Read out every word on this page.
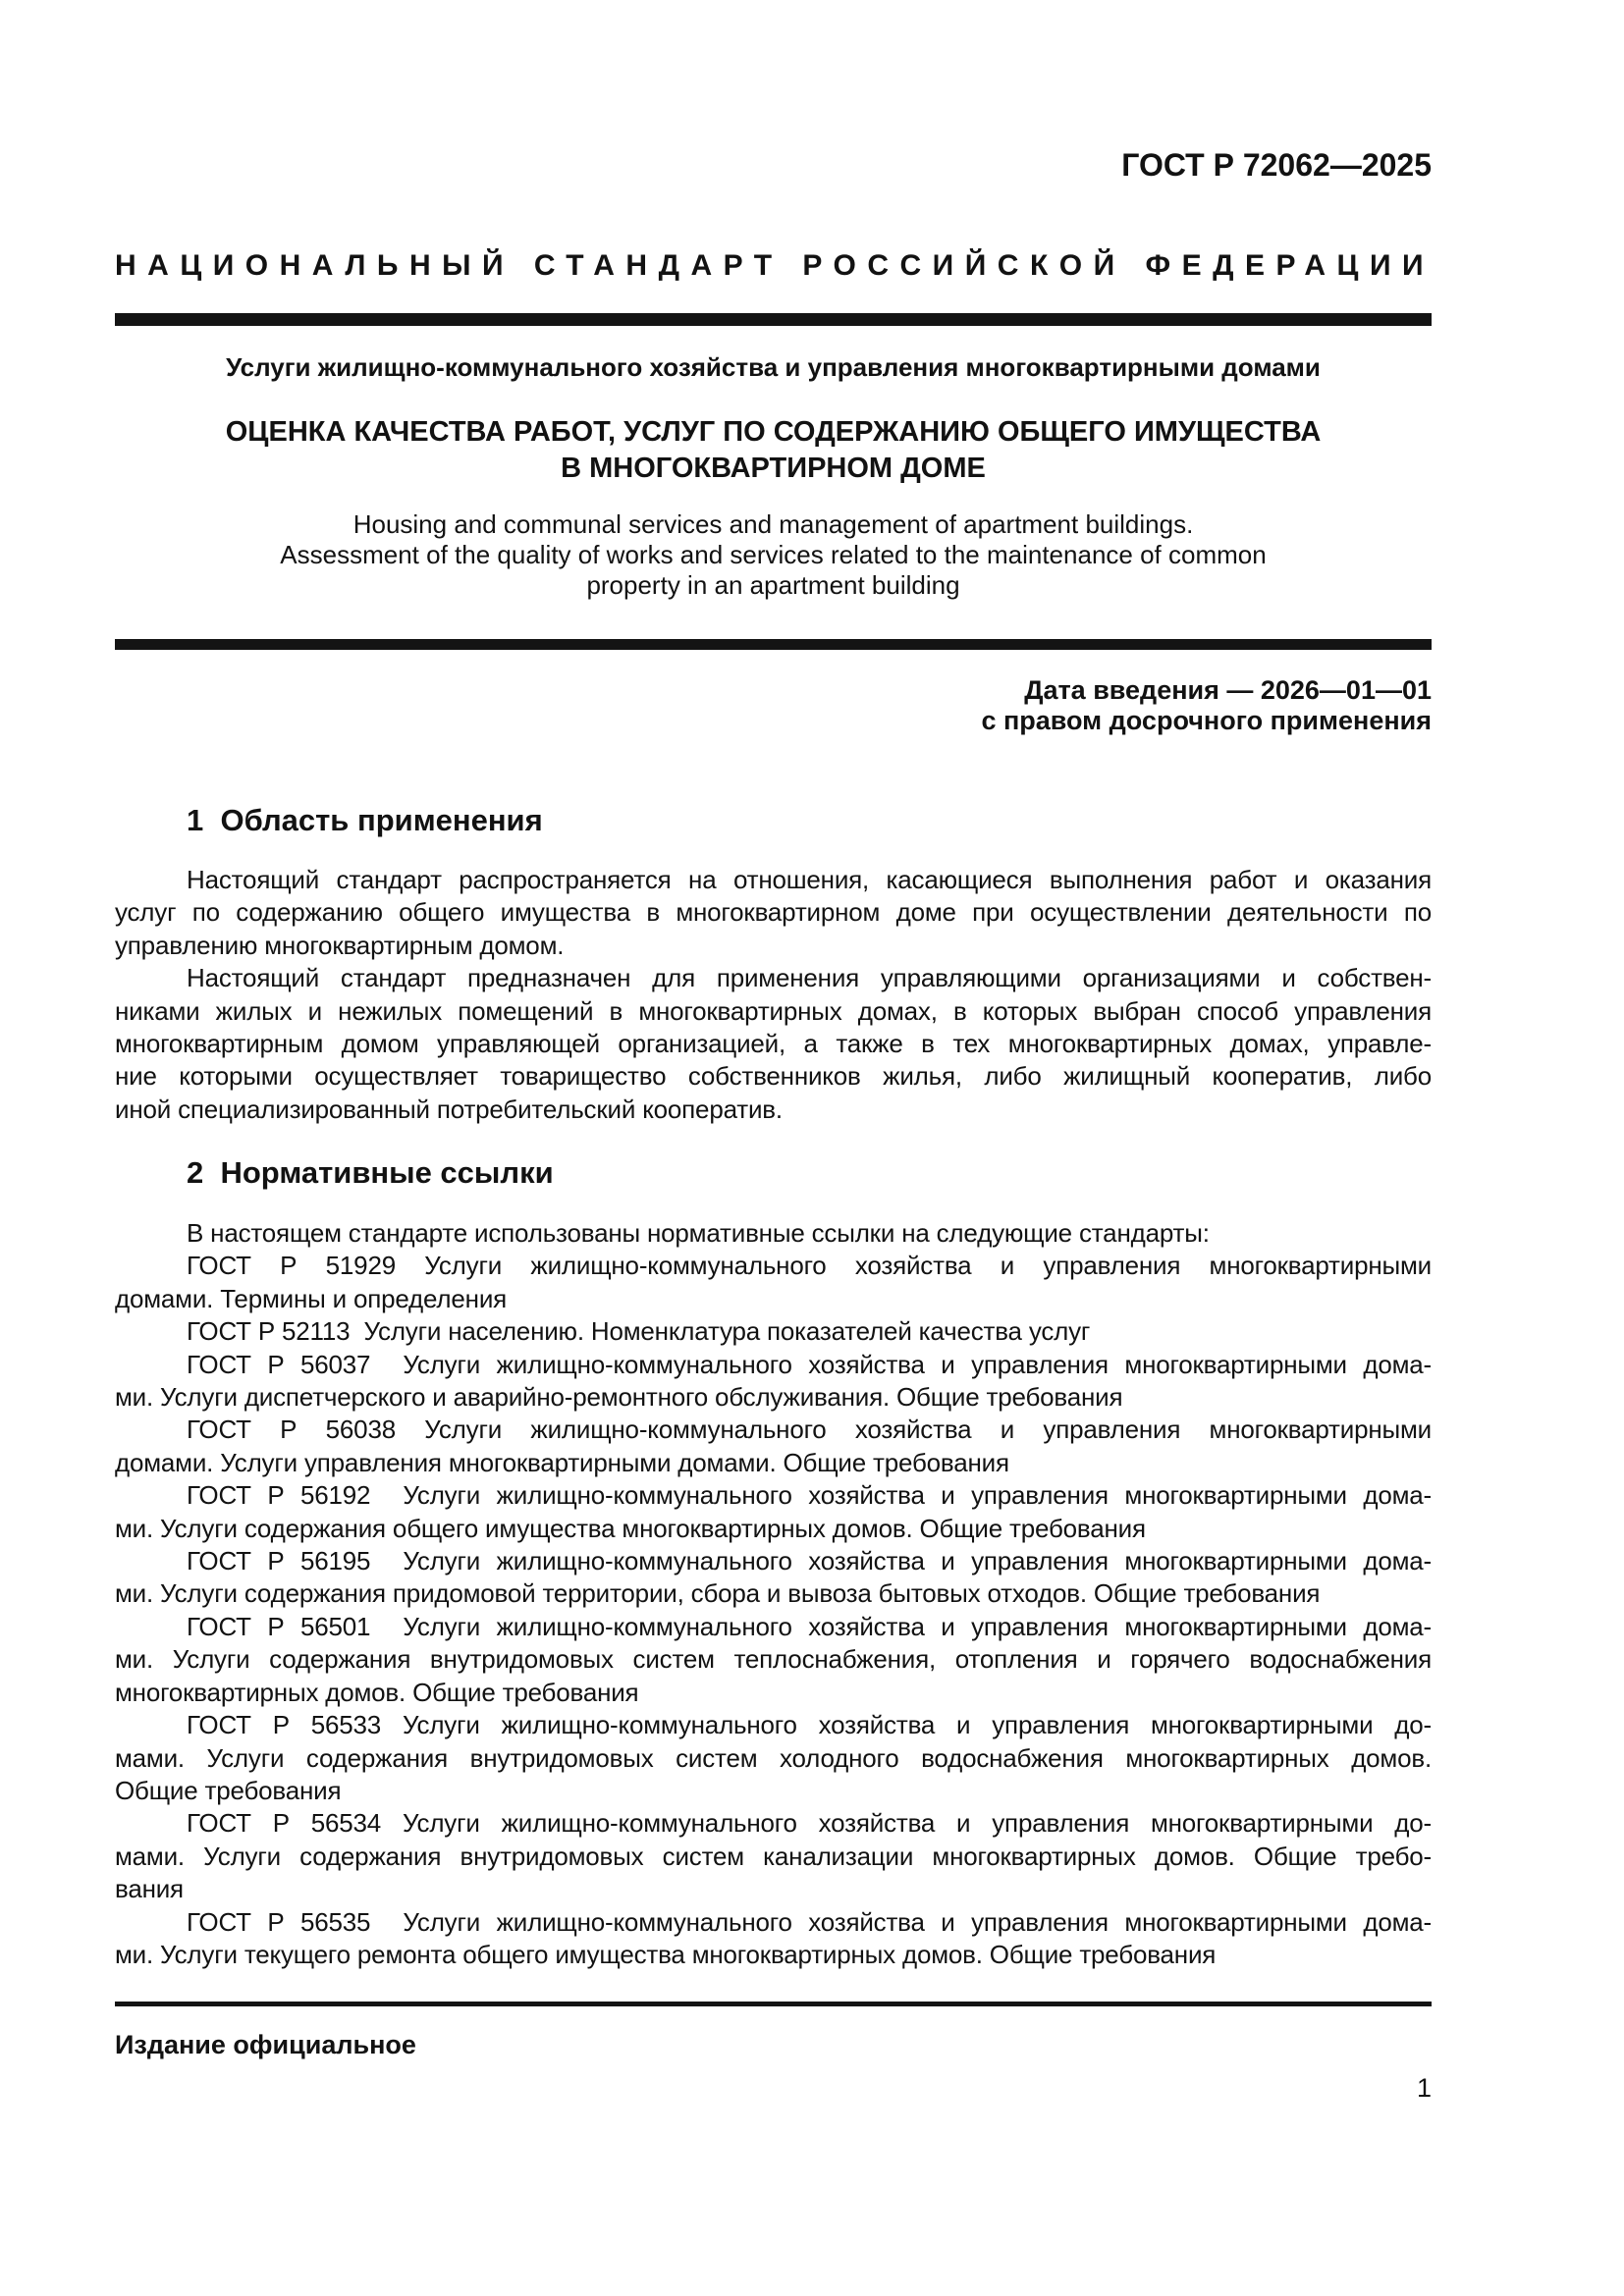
ГОСТ Р 72062—2025
НАЦИОНАЛЬНЫЙ СТАНДАРТ РОССИЙСКОЙ ФЕДЕРАЦИИ
Услуги жилищно-коммунального хозяйства и управления многоквартирными домами
ОЦЕНКА КАЧЕСТВА РАБОТ, УСЛУГ ПО СОДЕРЖАНИЮ ОБЩЕГО ИМУЩЕСТВА
В МНОГОКВАРТИРНОМ ДОМЕ
Housing and communal services and management of apartment buildings.
Assessment of the quality of works and services related to the maintenance of common
property in an apartment building
Дата введения — 2026—01—01
с правом досрочного применения
1  Область применения
Настоящий стандарт распространяется на отношения, касающиеся выполнения работ и оказания
услуг по содержанию общего имущества в многоквартирном доме при осуществлении деятельности по
управлению многоквартирным домом.
Настоящий стандарт предназначен для применения управляющими организациями и собствен-
никами жилых и нежилых помещений в многоквартирных домах, в которых выбран способ управления
многоквартирным домом управляющей организацией, а также в тех многоквартирных домах, управле-
ние которыми осуществляет товарищество собственников жилья, либо жилищный кооператив, либо
иной специализированный потребительский кооператив.
2  Нормативные ссылки
В настоящем стандарте использованы нормативные ссылки на следующие стандарты:
ГОСТ Р 51929 Услуги жилищно-коммунального хозяйства и управления многоквартирными
домами. Термины и определения
ГОСТ Р 52113  Услуги населению. Номенклатура показателей качества услуг
ГОСТ Р 56037  Услуги жилищно-коммунального хозяйства и управления многоквартирными дома-
ми. Услуги диспетчерского и аварийно-ремонтного обслуживания. Общие требования
ГОСТ Р 56038 Услуги жилищно-коммунального хозяйства и управления многоквартирными
домами. Услуги управления многоквартирными домами. Общие требования
ГОСТ Р 56192  Услуги жилищно-коммунального хозяйства и управления многоквартирными дома-
ми. Услуги содержания общего имущества многоквартирных домов. Общие требования
ГОСТ Р 56195  Услуги жилищно-коммунального хозяйства и управления многоквартирными дома-
ми. Услуги содержания придомовой территории, сбора и вывоза бытовых отходов. Общие требования
ГОСТ Р 56501  Услуги жилищно-коммунального хозяйства и управления многоквартирными дома-
ми. Услуги содержания внутридомовых систем теплоснабжения, отопления и горячего водоснабжения
многоквартирных домов. Общие требования
ГОСТ Р 56533 Услуги жилищно-коммунального хозяйства и управления многоквартирными до-
мами. Услуги содержания внутридомовых систем холодного водоснабжения многоквартирных домов.
Общие требования
ГОСТ Р 56534 Услуги жилищно-коммунального хозяйства и управления многоквартирными до-
мами. Услуги содержания внутридомовых систем канализации многоквартирных домов. Общие требо-
вания
ГОСТ Р 56535  Услуги жилищно-коммунального хозяйства и управления многоквартирными дома-
ми. Услуги текущего ремонта общего имущества многоквартирных домов. Общие требования
Издание официальное
1
